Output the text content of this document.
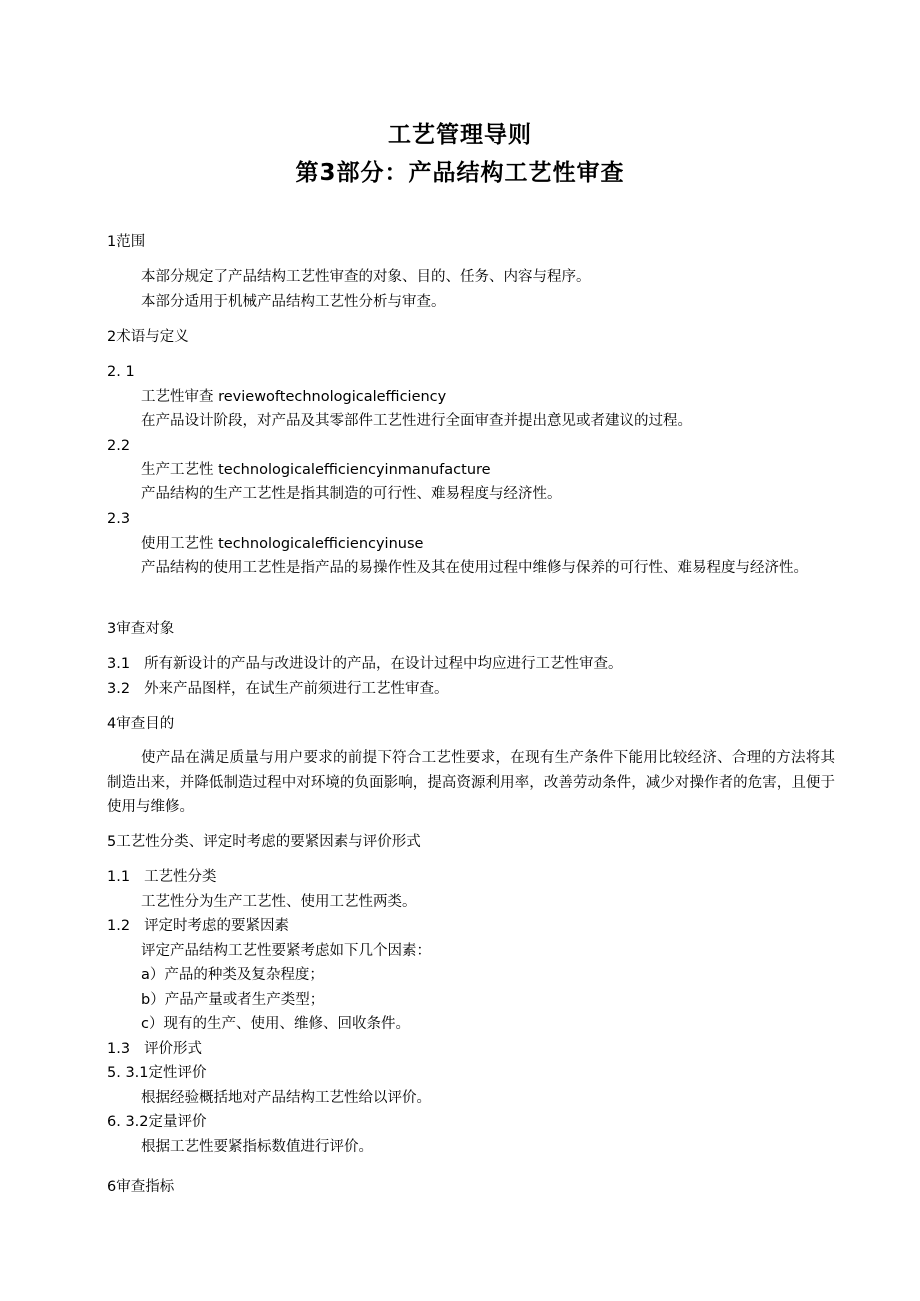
工艺管理导则
第3部分：产品结构工艺性审查
1范围
本部分规定了产品结构工艺性审查的对象、目的、任务、内容与程序。
本部分适用于机械产品结构工艺性分析与审查。
2术语与定义
2. 1
工艺性审查 reviewoftechnologicalefficiency
在产品设计阶段，对产品及其零部件工艺性进行全面审查并提出意见或者建议的过程。
2.2
生产工艺性 technologicalefficiencyinmanufacture
产品结构的生产工艺性是指其制造的可行性、难易程度与经济性。
2.3
使用工艺性 technologicalefficiencyinuse
产品结构的使用工艺性是指产品的易操作性及其在使用过程中维修与保养的可行性、难易程度与经济性。
3审查对象
3.1 所有新设计的产品与改进设计的产品，在设计过程中均应进行工艺性审查。
3.2 外来产品图样，在试生产前须进行工艺性审查。
4审查目的
使产品在满足质量与用户要求的前提下符合工艺性要求，在现有生产条件下能用比较经济、合理的方法将其制造出来，并降低制造过程中对环境的负面影响，提高资源利用率，改善劳动条件，减少对操作者的危害，且便于使用与维修。
5工艺性分类、评定时考虑的要紧因素与评价形式
1.1 工艺性分类
工艺性分为生产工艺性、使用工艺性两类。
1.2 评定时考虑的要紧因素
评定产品结构工艺性要紧考虑如下几个因素：
a）产品的种类及复杂程度；
b）产品产量或者生产类型；
c）现有的生产、使用、维修、回收条件。
1.3 评价形式
5. 3.1定性评价
根据经验概括地对产品结构工艺性给以评价。
6. 3.2定量评价
根据工艺性要紧指标数值进行评价。
6审查指标
